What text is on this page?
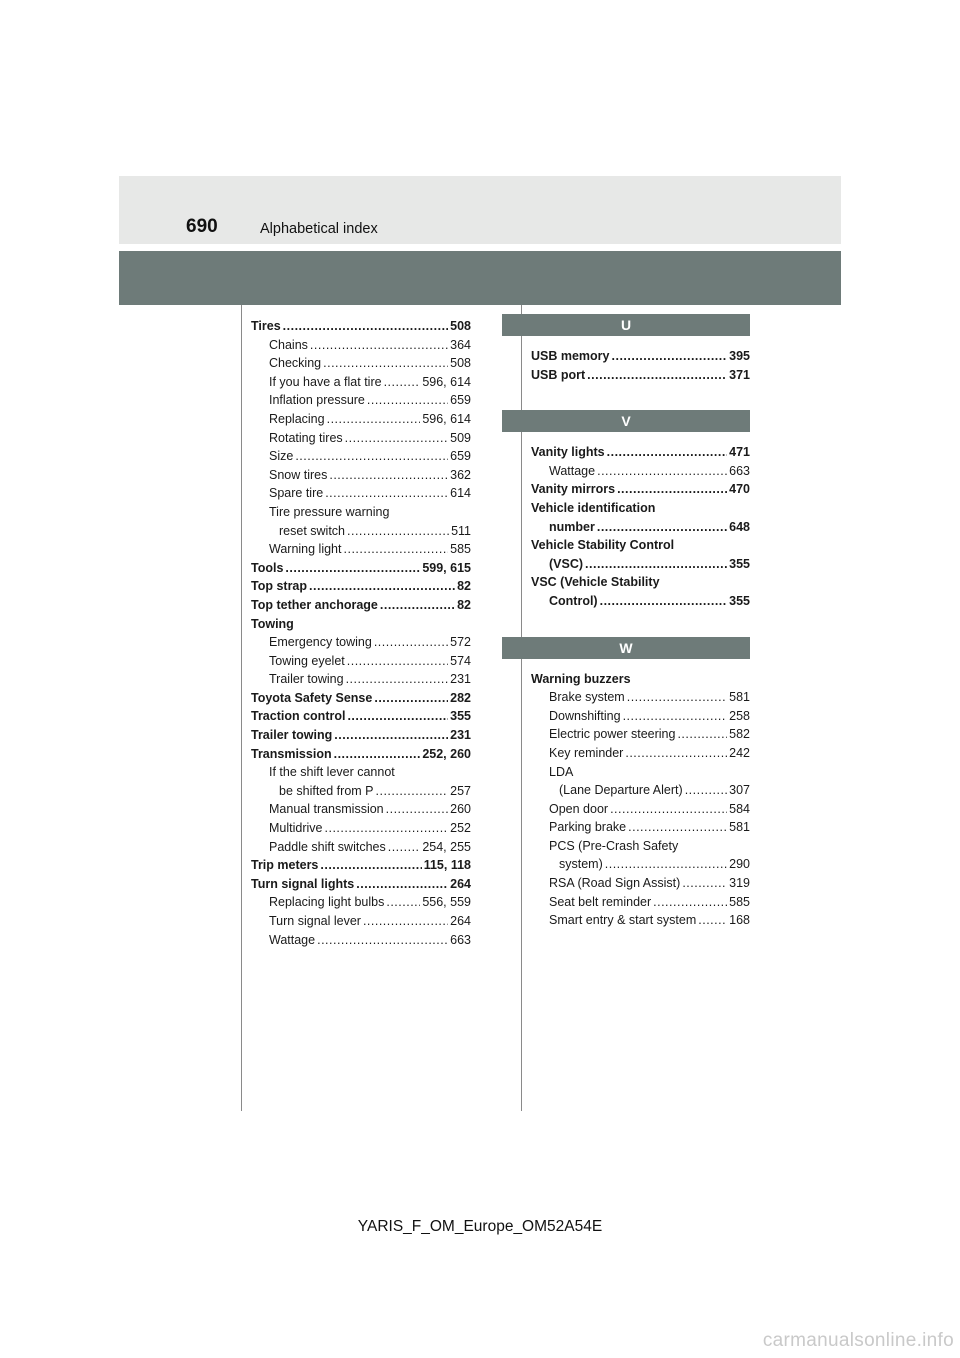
690	Alphabetical index
Tires .....	508
Chains .....	364
Checking .....	508
If you have a flat tire .....	596, 614
Inflation pressure .....	659
Replacing .....	596, 614
Rotating tires .....	509
Size .....	659
Snow tires .....	362
Spare tire .....	614
Tire pressure warning
reset switch .....	511
Warning light .....	585
Tools .....	599, 615
Top strap .....	82
Top tether anchorage .....	82
Towing
Emergency towing .....	572
Towing eyelet .....	574
Trailer towing .....	231
Toyota Safety Sense .....	282
Traction control .....	355
Trailer towing .....	231
Transmission .....	252, 260
If the shift lever cannot
be shifted from P .....	257
Manual transmission .....	260
Multidrive .....	252
Paddle shift switches .....	254, 255
Trip meters .....	115, 118
Turn signal lights .....	264
Replacing light bulbs .....	556, 559
Turn signal lever .....	264
Wattage .....	663
U
USB memory .....	395
USB port .....	371
V
Vanity lights .....	471
Wattage .....	663
Vanity mirrors .....	470
Vehicle identification
number .....	648
Vehicle Stability Control
(VSC) .....	355
VSC (Vehicle Stability
Control) .....	355
W
Warning buzzers
Brake system .....	581
Downshifting .....	258
Electric power steering .....	582
Key reminder .....	242
LDA
(Lane Departure Alert) .....	307
Open door .....	584
Parking brake .....	581
PCS (Pre-Crash Safety
system) .....	290
RSA (Road Sign Assist) .....	319
Seat belt reminder .....	585
Smart entry & start system .....	168
YARIS_F_OM_Europe_OM52A54E
carmanualsonline.info
